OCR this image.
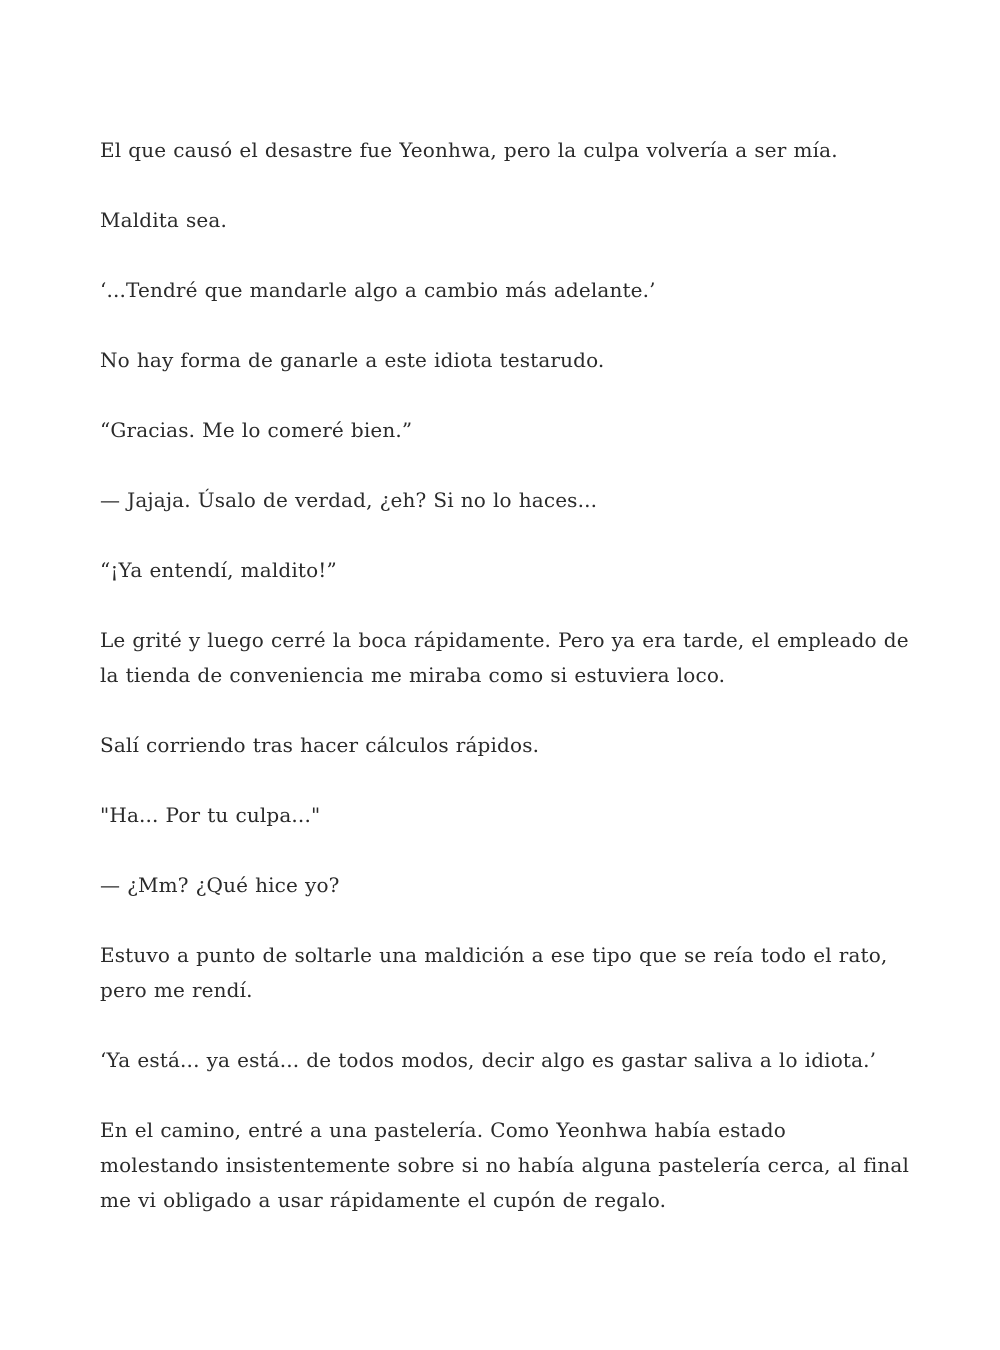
El que causó el desastre fue Yeonhwa, pero la culpa volvería a ser mía.

Maldita sea.

‘...Tendré que mandarle algo a cambio más adelante.’

No hay forma de ganarle a este idiota testarudo.

“Gracias. Me lo comeré bien.”

— Jajaja. Úsalo de verdad, ¿eh? Si no lo haces...

“¡Ya entendí, maldito!”

Le grité y luego cerré la boca rápidamente. Pero ya era tarde, el empleado de la tienda de conveniencia me miraba como si estuviera loco.

Salí corriendo tras hacer cálculos rápidos.

"Ha... Por tu culpa..."

— ¿Mm? ¿Qué hice yo?

Estuvo a punto de soltarle una maldición a ese tipo que se reía todo el rato, pero me rendí.

‘Ya está... ya está... de todos modos, decir algo es gastar saliva a lo idiota.’

En el camino, entré a una pastelería. Como Yeonhwa había estado molestando insistentemente sobre si no había alguna pastelería cerca, al final me vi obligado a usar rápidamente el cupón de regalo.
